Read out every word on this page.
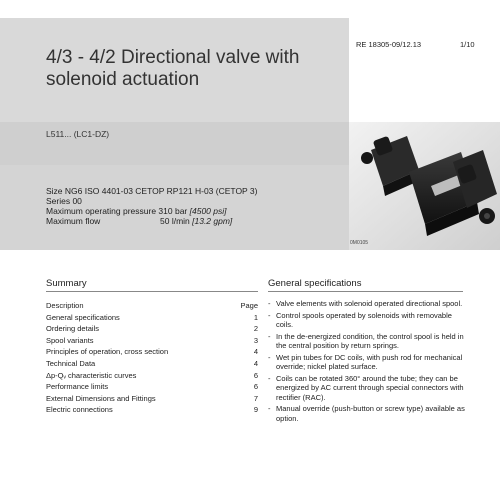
4/3 - 4/2 Directional valve with solenoid actuation
RE 18305-09/12.13	1/10
L511... (LC1-DZ)
0M0105
Size NG6 ISO 4401-03 CETOP RP121 H-03 (CETOP 3)
Series 00
Maximum operating pressure 310 bar [4500 psi]
Maximum flow	50 l/min [13.2 gpm]
Summary
Description	Page
General specifications	1
Ordering details	2
Spool variants	3
Principles of operation, cross section	4
Technical Data	4
Δp-Qᵥ characteristic curves	6
Performance limits	6
External Dimensions and Fittings	7
Electric connections	9
General specifications
- Valve elements with solenoid operated directional spool.
- Control spools operated by solenoids with removable coils.
- In the de-energized condition, the control spool is held in the central position by return springs.
- Wet pin tubes for DC coils, with push rod for mechanical override; nickel plated surface.
- Coils can be rotated 360° around the tube; they can be energized by AC current through special connectors with rectifier (RAC).
- Manual override (push-button or screw type) available as option.
